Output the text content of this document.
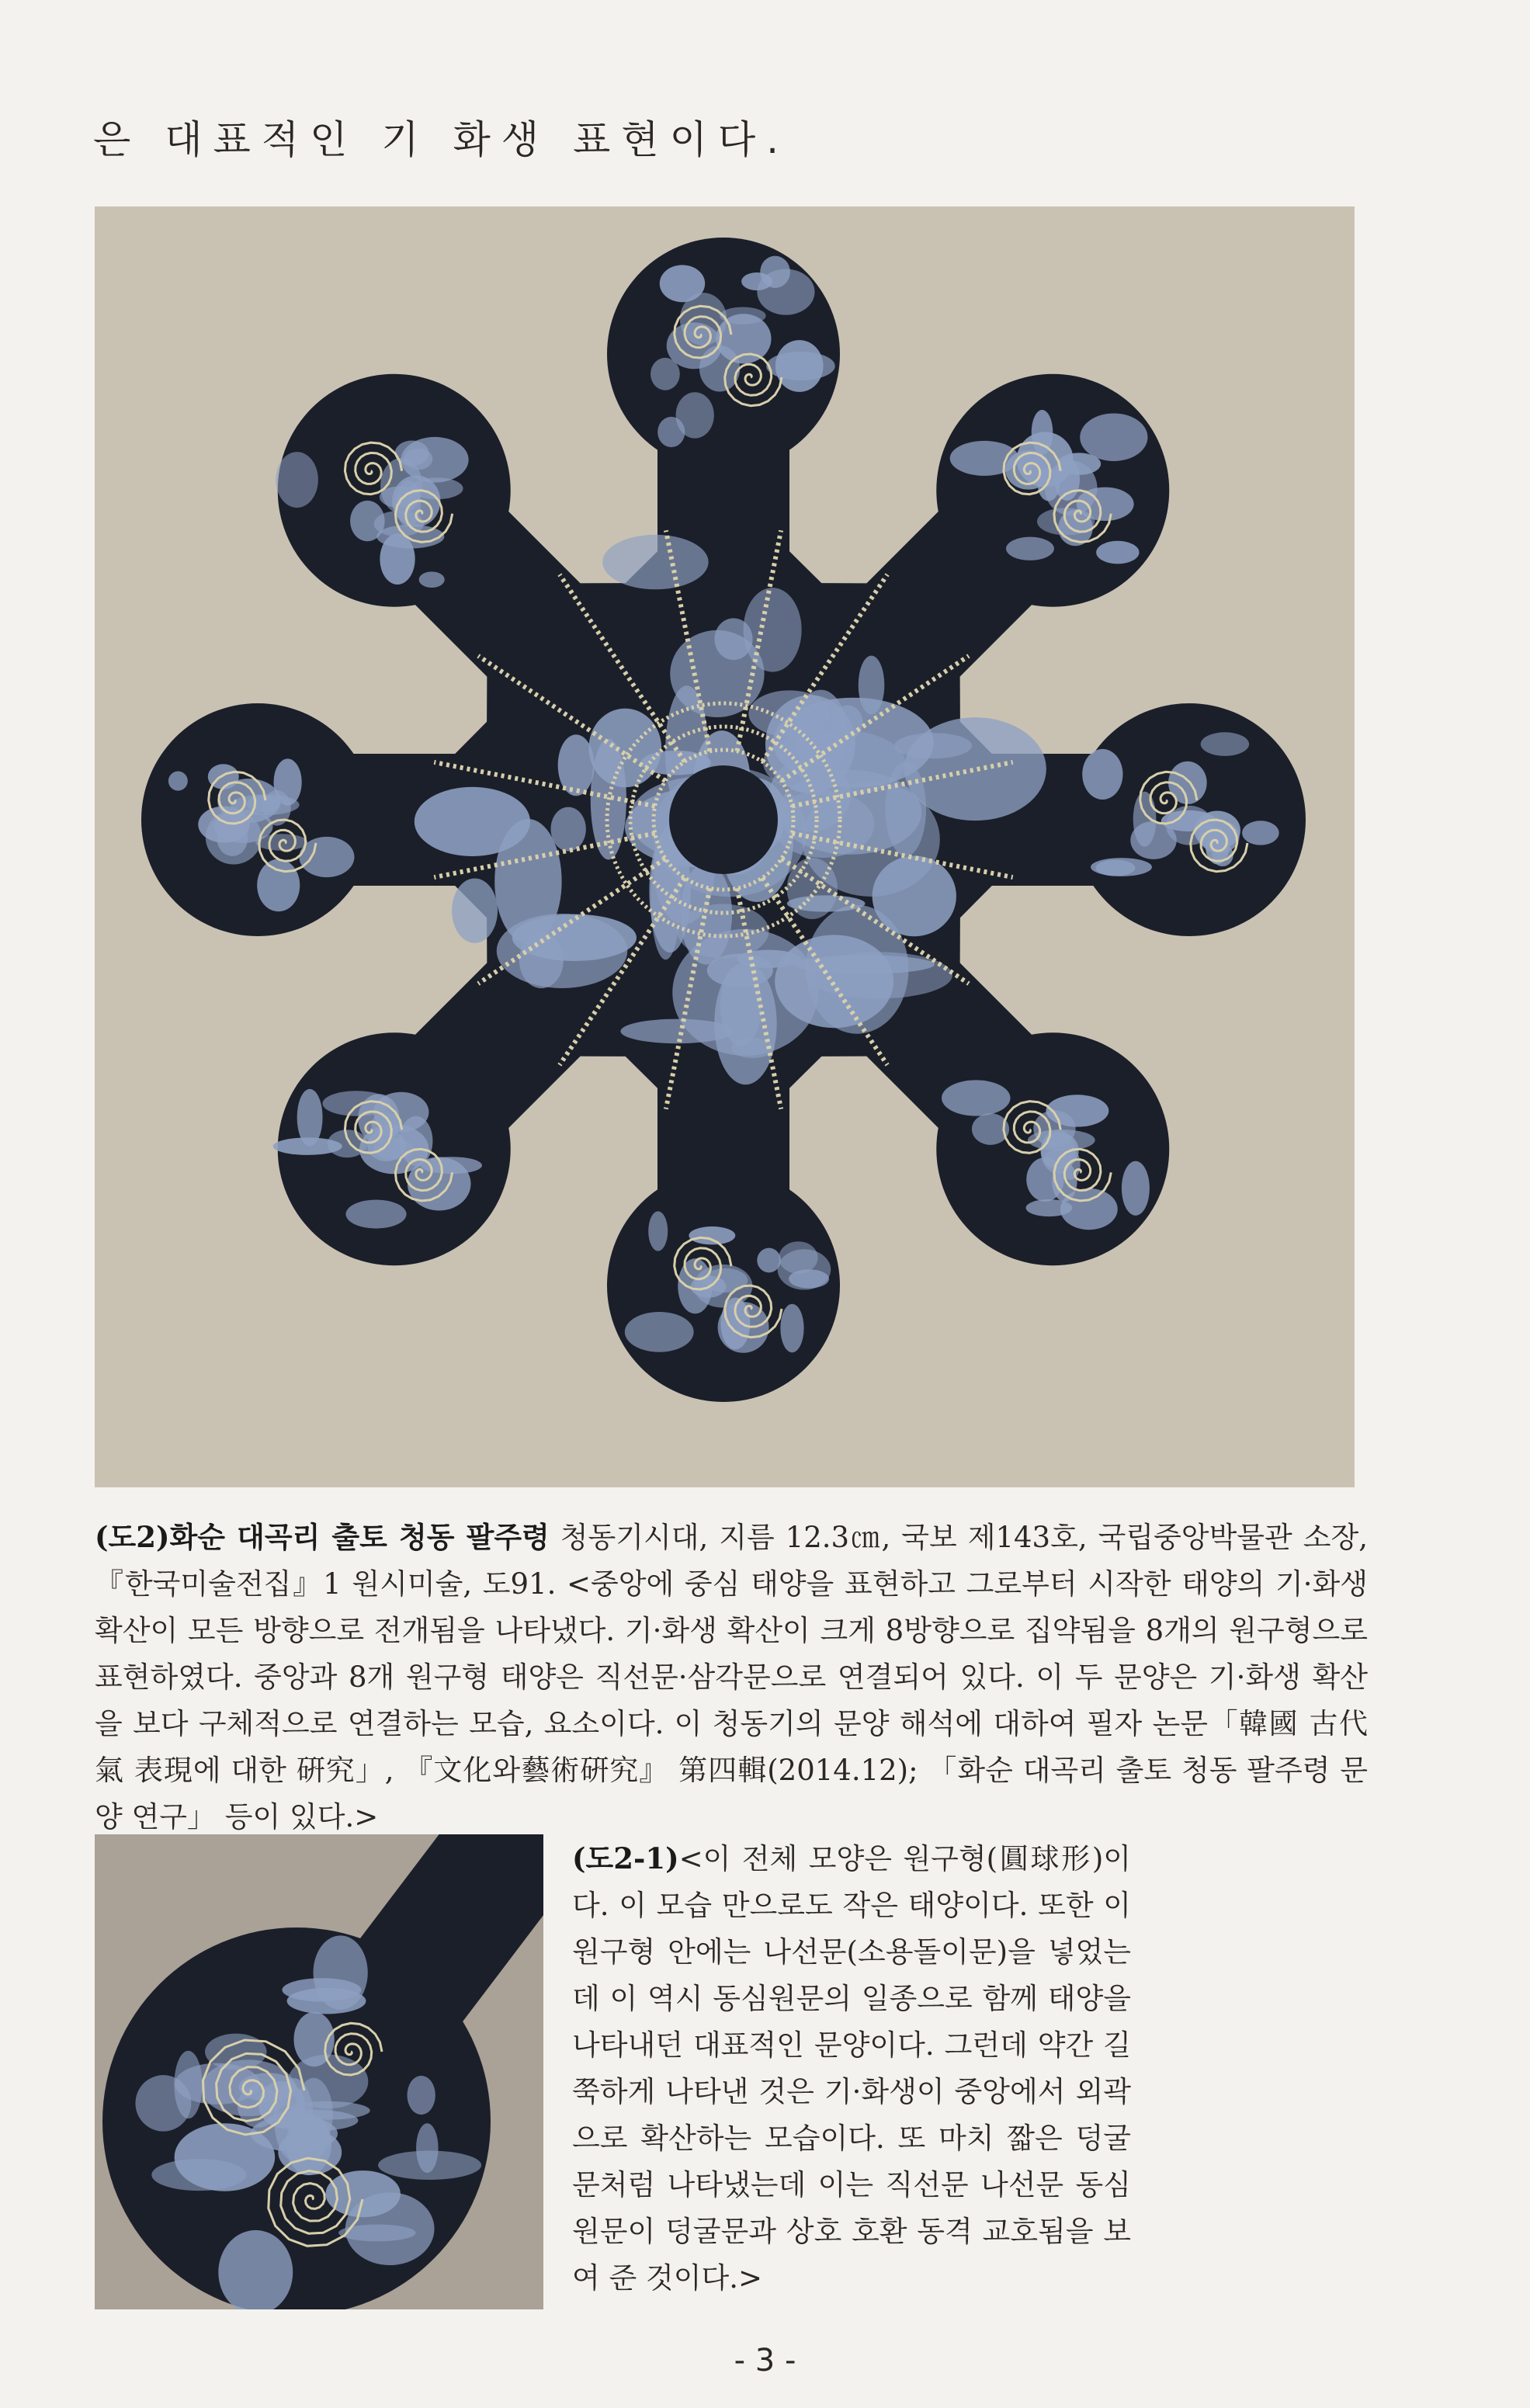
은 대표적인 기 화생 표현이다.
(도2)화순 대곡리 출토 청동 팔주령 청동기시대, 지름 12.3㎝, 국보 제143호, 국립중앙박물관 소장, 『한국미술전집』1 원시미술, 도91. <중앙에 중심 태양을 표현하고 그로부터 시작한 태양의 기·화생 확산이 모든 방향으로 전개됨을 나타냈다. 기·화생 확산이 크게 8방향으로 집약됨을 8개의 원구형으로 표현하였다. 중앙과 8개 원구형 태양은 직선문·삼각문으로 연결되어 있다. 이 두 문양은 기·화생 확산을 보다 구체적으로 연결하는 모습, 요소이다. 이 청동기의 문양 해석에 대하여 필자 논문「韓國 古代 氣 表現에 대한 硏究」, 『文化와藝術硏究』 第四輯(2014.12); 「화순 대곡리 출토 청동 팔주령 문양 연구」 등이 있다.>
(도2-1)<이 전체 모양은 원구형(圓球形)이다. 이 모습 만으로도 작은 태양이다. 또한 이 원구형 안에는 나선문(소용돌이문)을 넣었는데 이 역시 동심원문의 일종으로 함께 태양을 나타내던 대표적인 문양이다. 그런데 약간 길쭉하게 나타낸 것은 기·화생이 중앙에서 외곽으로 확산하는 모습이다. 또 마치 짧은 덩굴문처럼 나타냈는데 이는 직선문 나선문 동심원문이 덩굴문과 상호 호환 동격 교호됨을 보여 준 것이다.>
- 3 -
